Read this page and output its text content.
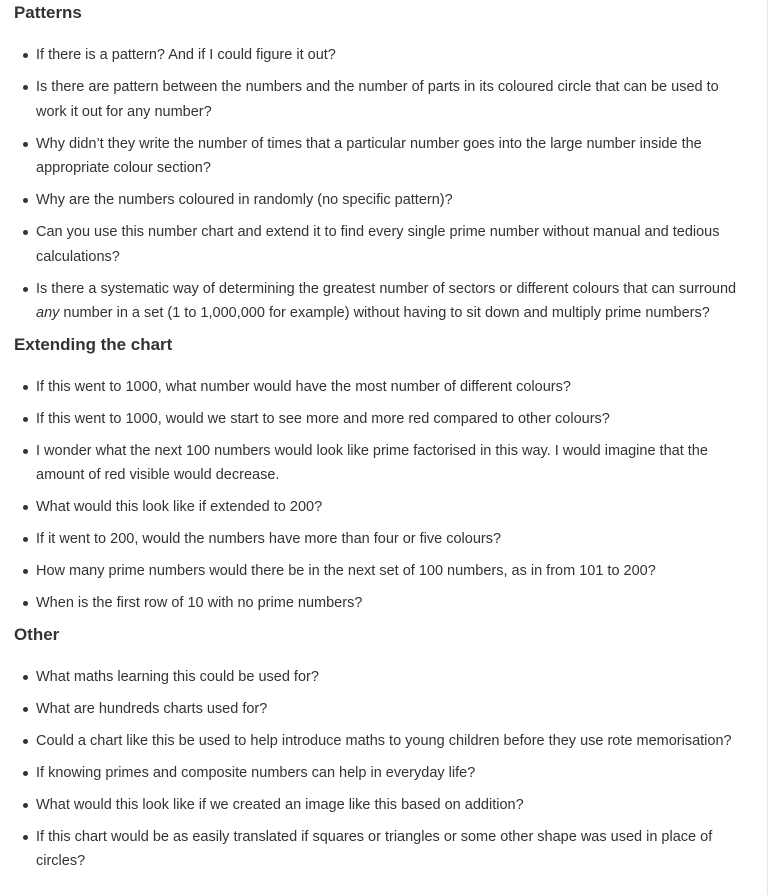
Patterns
If there is a pattern? And if I could figure it out?
Is there are pattern between the numbers and the number of parts in its coloured circle that can be used to work it out for any number?
Why didn’t they write the number of times that a particular number goes into the large number inside the appropriate colour section?
Why are the numbers coloured in randomly (no specific pattern)?
Can you use this number chart and extend it to find every single prime number without manual and tedious calculations?
Is there a systematic way of determining the greatest number of sectors or different colours that can surround any number in a set (1 to 1,000,000 for example) without having to sit down and multiply prime numbers?
Extending the chart
If this went to 1000, what number would have the most number of different colours?
If this went to 1000, would we start to see more and more red compared to other colours?
I wonder what the next 100 numbers would look like prime factorised in this way. I would imagine that the amount of red visible would decrease.
What would this look like if extended to 200?
If it went to 200, would the numbers have more than four or five colours?
How many prime numbers would there be in the next set of 100 numbers, as in from 101 to 200?
When is the first row of 10 with no prime numbers?
Other
What maths learning this could be used for?
What are hundreds charts used for?
Could a chart like this be used to help introduce maths to young children before they use rote memorisation?
If knowing primes and composite numbers can help in everyday life?
What would this look like if we created an image like this based on addition?
If this chart would be as easily translated if squares or triangles or some other shape was used in place of circles?
